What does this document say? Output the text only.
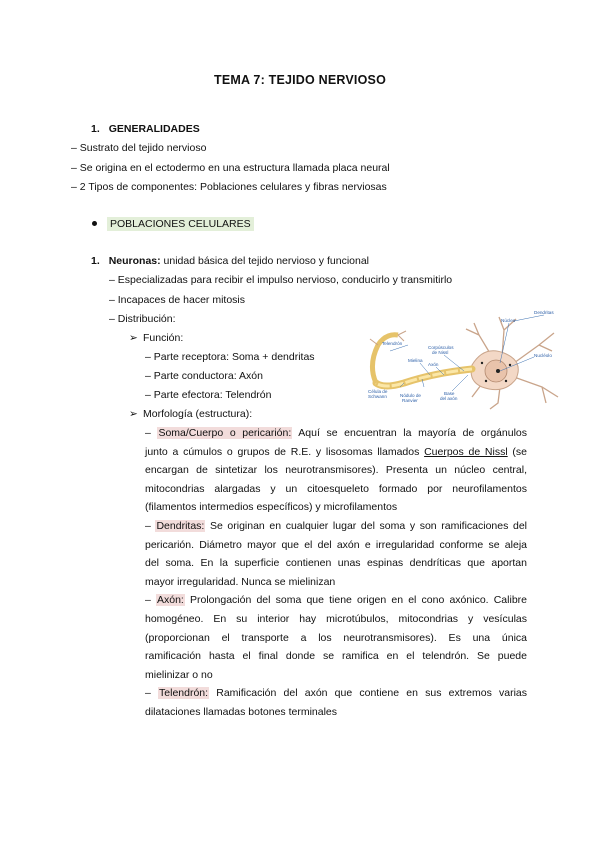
TEMA 7: TEJIDO NERVIOSO
1. GENERALIDADES
– Sustrato del tejido nervioso
– Se origina en el ectodermo en una estructura llamada placa neural
– 2 Tipos de componentes: Poblaciones celulares y fibras nerviosas
POBLACIONES CELULARES
1. Neuronas: unidad básica del tejido nervioso y funcional
– Especializadas para recibir el impulso nervioso, conducirlo y transmitirlo
– Incapaces de hacer mitosis
– Distribución:
➢ Función:
– Parte receptora: Soma + dendritas
– Parte conductora: Axón
– Parte efectora: Telendrón
➢ Morfología (estructura):
Dendritas
Núcleo
Nucléolo
Telendrón
Corpúsculos
de Nissl
Mielina
Axón
Célula de
Schwann	Nódulo de
Ranvier
Base
del axón
– Soma/Cuerpo o pericarión: Aquí se encuentran la mayoría de orgánulos
junto a cúmulos o grupos de R.E. y lisosomas llamados Cuerpos de Nissl (se
encargan de sintetizar los neurotransmisores). Presenta un núcleo central,
mitocondrias alargadas y un citoesqueleto formado por neurofilamentos
(filamentos intermedios específicos) y microfilamentos
– Dendritas: Se originan en cualquier lugar del soma y son ramificaciones del
pericarión. Diámetro mayor que el del axón e irregularidad conforme se aleja
del soma. En la superficie contienen unas espinas dendríticas que aportan
mayor irregularidad. Nunca se mielinizan
– Axón: Prolongación del soma que tiene origen en el cono axónico. Calibre
homogéneo. En su interior hay microtúbulos, mitocondrias y vesículas
(proporcionan el transporte a los neurotransmisores). Es una única
ramificación hasta el final donde se ramifica en el telendrón. Se puede
mielinizar o no
– Telendrón: Ramificación del axón que contiene en sus extremos varias
dilataciones llamadas botones terminales
